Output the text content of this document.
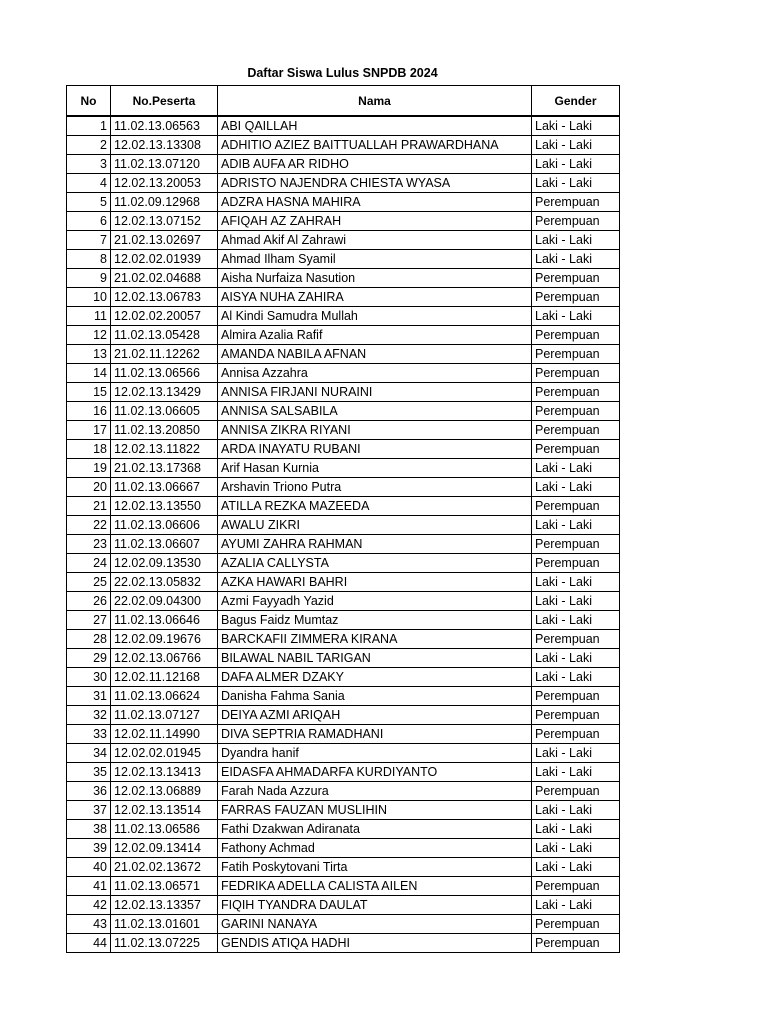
Daftar Siswa Lulus SNPDB 2024
No	No.Peserta	Nama	Gender
1	11.02.13.06563	ABI QAILLAH	Laki - Laki
2	12.02.13.13308	ADHITIO AZIEZ BAITTUALLAH PRAWARDHANA	Laki - Laki
3	11.02.13.07120	ADIB AUFA AR RIDHO	Laki - Laki
4	12.02.13.20053	ADRISTO NAJENDRA CHIESTA WYASA	Laki - Laki
5	11.02.09.12968	ADZRA HASNA MAHIRA	Perempuan
6	12.02.13.07152	AFIQAH AZ ZAHRAH	Perempuan
7	21.02.13.02697	Ahmad Akif Al Zahrawi	Laki - Laki
8	12.02.02.01939	Ahmad Ilham Syamil	Laki - Laki
9	21.02.02.04688	Aisha Nurfaiza Nasution	Perempuan
10	12.02.13.06783	AISYA NUHA ZAHIRA	Perempuan
11	12.02.02.20057	Al Kindi Samudra Mullah	Laki - Laki
12	11.02.13.05428	Almira Azalia Rafif	Perempuan
13	21.02.11.12262	AMANDA NABILA AFNAN	Perempuan
14	11.02.13.06566	Annisa Azzahra	Perempuan
15	12.02.13.13429	ANNISA FIRJANI NURAINI	Perempuan
16	11.02.13.06605	ANNISA SALSABILA	Perempuan
17	11.02.13.20850	ANNISA ZIKRA RIYANI	Perempuan
18	12.02.13.11822	ARDA INAYATU RUBANI	Perempuan
19	21.02.13.17368	Arif Hasan Kurnia	Laki - Laki
20	11.02.13.06667	Arshavin Triono Putra	Laki - Laki
21	12.02.13.13550	ATILLA REZKA MAZEEDA	Perempuan
22	11.02.13.06606	AWALU ZIKRI	Laki - Laki
23	11.02.13.06607	AYUMI ZAHRA RAHMAN	Perempuan
24	12.02.09.13530	AZALIA CALLYSTA	Perempuan
25	22.02.13.05832	AZKA HAWARI BAHRI	Laki - Laki
26	22.02.09.04300	Azmi Fayyadh Yazid	Laki - Laki
27	11.02.13.06646	Bagus Faidz Mumtaz	Laki - Laki
28	12.02.09.19676	BARCKAFII ZIMMERA KIRANA	Perempuan
29	12.02.13.06766	BILAWAL NABIL TARIGAN	Laki - Laki
30	12.02.11.12168	DAFA ALMER DZAKY	Laki - Laki
31	11.02.13.06624	Danisha Fahma Sania	Perempuan
32	11.02.13.07127	DEIYA AZMI ARIQAH	Perempuan
33	12.02.11.14990	DIVA SEPTRIA RAMADHANI	Perempuan
34	12.02.02.01945	Dyandra hanif	Laki - Laki
35	12.02.13.13413	EIDASFA AHMADARFA KURDIYANTO	Laki - Laki
36	12.02.13.06889	Farah Nada Azzura	Perempuan
37	12.02.13.13514	FARRAS FAUZAN MUSLIHIN	Laki - Laki
38	11.02.13.06586	Fathi Dzakwan Adiranata	Laki - Laki
39	12.02.09.13414	Fathony Achmad	Laki - Laki
40	21.02.02.13672	Fatih Poskytovani Tirta	Laki - Laki
41	11.02.13.06571	FEDRIKA ADELLA CALISTA AILEN	Perempuan
42	12.02.13.13357	FIQIH TYANDRA DAULAT	Laki - Laki
43	11.02.13.01601	GARINI NANAYA	Perempuan
44	11.02.13.07225	GENDIS ATIQA HADHI	Perempuan
